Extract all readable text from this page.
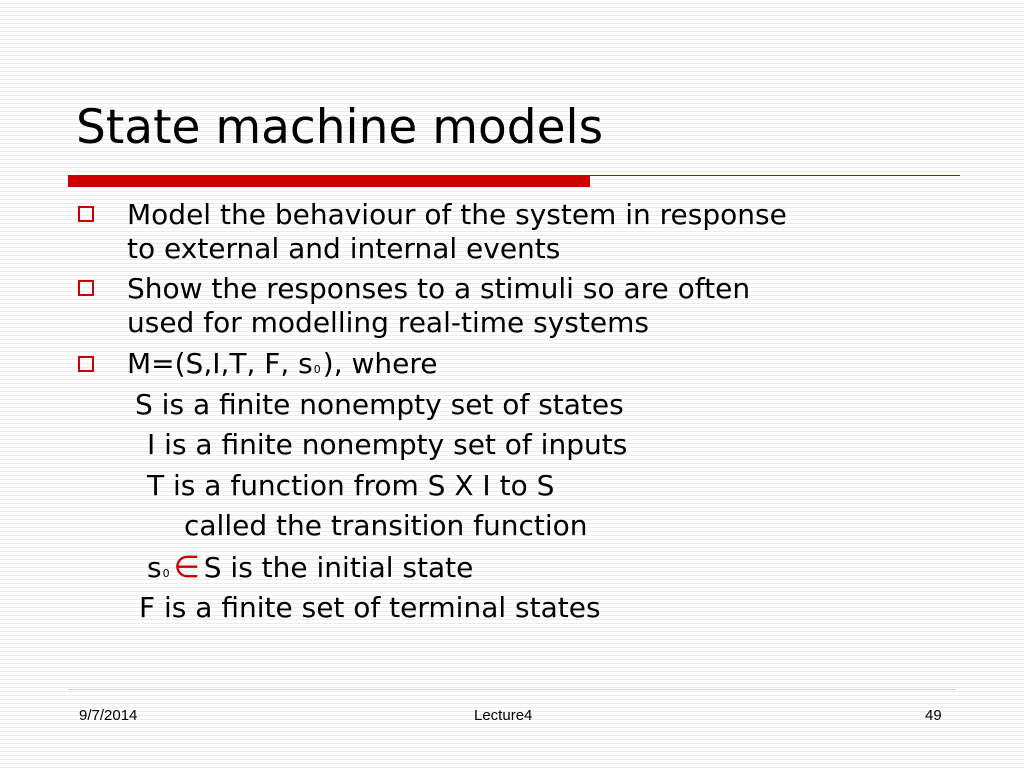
State machine models
Model the behaviour of the system in response
to external and internal events
Show the responses to a stimuli so are often
used for modelling real-time systems
M=(S,I,T, F, s0), where
S is a finite nonempty set of states
I is a finite nonempty set of inputs
T is a function from S X I to S
called the transition function
s0 ∈ S is the initial state
F is a finite set of terminal states
9/7/2014	Lecture4	49
